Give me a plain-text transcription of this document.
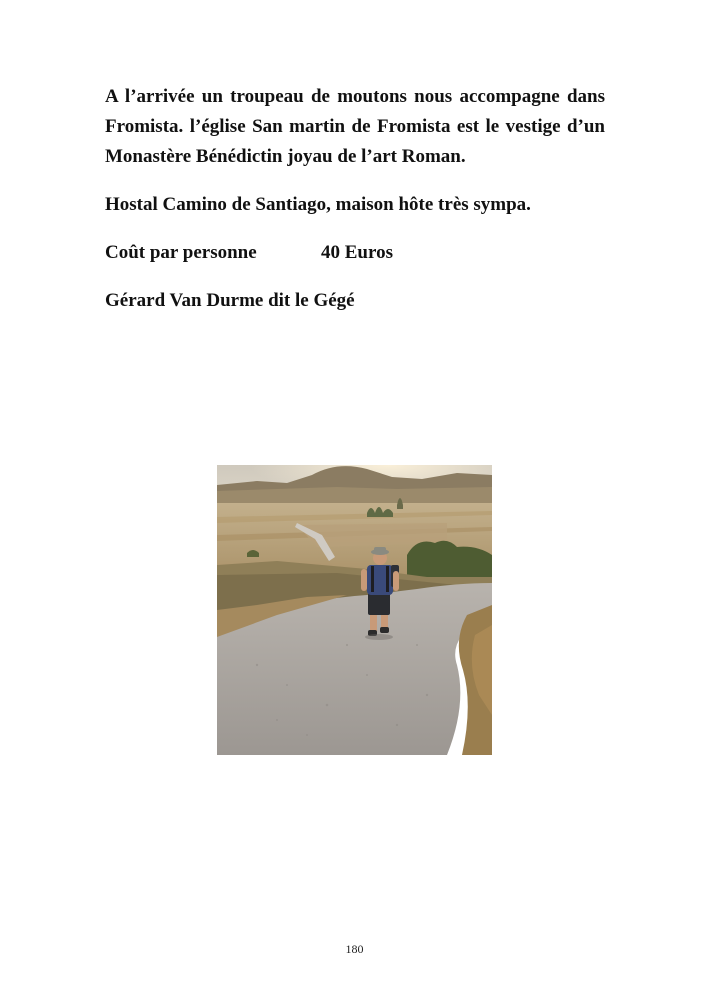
A l’arrivée un troupeau de moutons nous accompagne dans Fromista. l’église San martin de Fromista est le vestige d’un Monastère Bénédictin joyau de l’art Roman.

Hostal Camino de Santiago, maison hôte très sympa.

Coût par personne	40 Euros

Gérard Van Durme dit le Gégé

180
